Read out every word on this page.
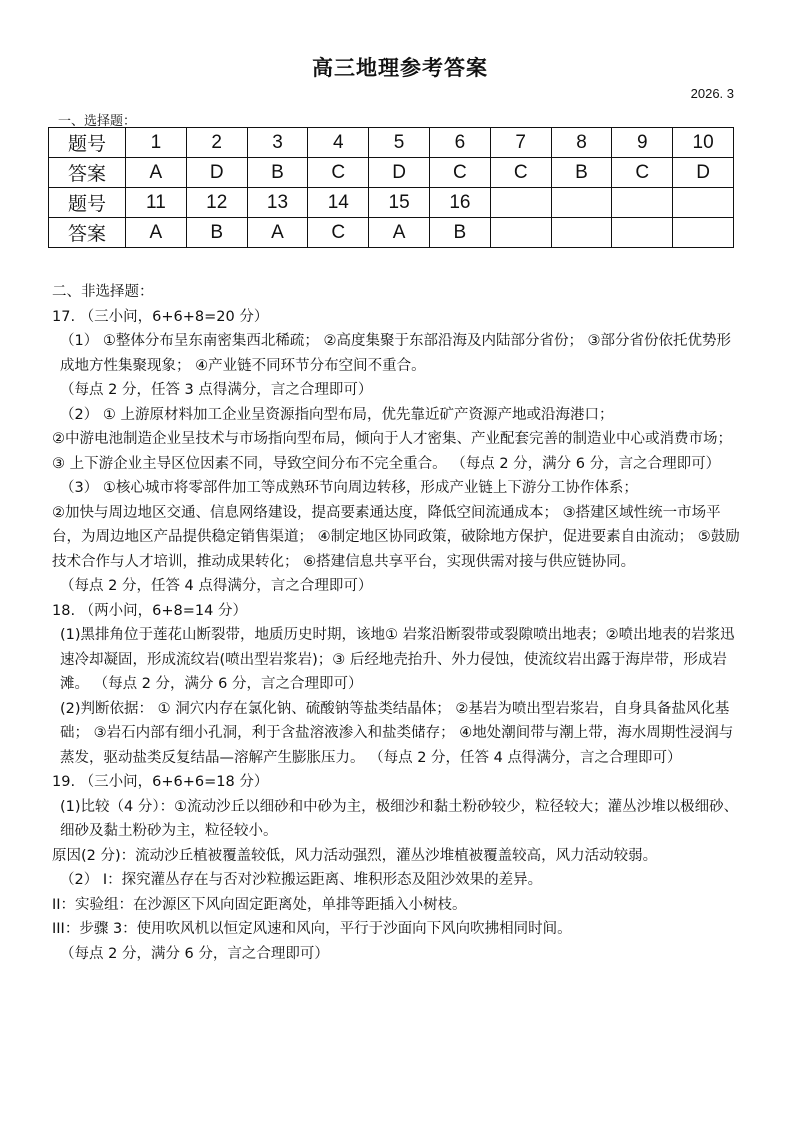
高三地理参考答案
2026. 3
一、选择题：
题号	1	2	3	4	5	6	7	8	9	10
答案	A	D	B	C	D	C	C	B	C	D
题号	11	12	13	14	15	16				
答案	A	B	A	C	A	B				

二、非选择题：

17. （三小问，6+6+8=20 分）

（1） ①整体分布呈东南密集西北稀疏； ②高度集聚于东部沿海及内陆部分省份； ③部分省份依托优势形成地方性集聚现象； ④产业链不同环节分布空间不重合。

（每点 2 分，任答 3 点得满分，言之合理即可）

（2） ① 上游原材料加工企业呈资源指向型布局，优先靠近矿产资源产地或沿海港口；

②中游电池制造企业呈技术与市场指向型布局，倾向于人才密集、产业配套完善的制造业中心或消费市场；③ 上下游企业主导区位因素不同，导致空间分布不完全重合。 （每点 2 分，满分 6 分，言之合理即可）

（3） ①核心城市将零部件加工等成熟环节向周边转移，形成产业链上下游分工协作体系；

②加快与周边地区交通、信息网络建设，提高要素通达度，降低空间流通成本； ③搭建区域性统一市场平台，为周边地区产品提供稳定销售渠道； ④制定地区协同政策，破除地方保护，促进要素自由流动； ⑤鼓励技术合作与人才培训，推动成果转化； ⑥搭建信息共享平台，实现供需对接与供应链协同。

（每点 2 分，任答 4 点得满分，言之合理即可）

18. （两小问，6+8=14 分）

(1)黑排角位于莲花山断裂带，地质历史时期，该地① 岩浆沿断裂带或裂隙喷出地表；②喷出地表的岩浆迅速冷却凝固，形成流纹岩(喷出型岩浆岩)；③ 后经地壳抬升、外力侵蚀，使流纹岩出露于海岸带，形成岩滩。 （每点 2 分，满分 6 分，言之合理即可）

(2)判断依据： ① 洞穴内存在氯化钠、硫酸钠等盐类结晶体； ②基岩为喷出型岩浆岩，自身具备盐风化基础； ③岩石内部有细小孔洞，利于含盐溶液渗入和盐类储存； ④地处潮间带与潮上带，海水周期性浸润与蒸发，驱动盐类反复结晶—溶解产生膨胀压力。 （每点 2 分，任答 4 点得满分，言之合理即可）

19. （三小问，6+6+6=18 分）

(1)比较（4 分）：①流动沙丘以细砂和中砂为主，极细沙和黏土粉砂较少，粒径较大；灌丛沙堆以极细砂、细砂及黏土粉砂为主，粒径较小。

原因(2 分)：流动沙丘植被覆盖较低，风力活动强烈，灌丛沙堆植被覆盖较高，风力活动较弱。

（2） I：探究灌丛存在与否对沙粒搬运距离、堆积形态及阻沙效果的差异。

II：实验组：在沙源区下风向固定距离处，单排等距插入小树枝。

III：步骤 3：使用吹风机以恒定风速和风向，平行于沙面向下风向吹拂相同时间。

（每点 2 分，满分 6 分，言之合理即可）
